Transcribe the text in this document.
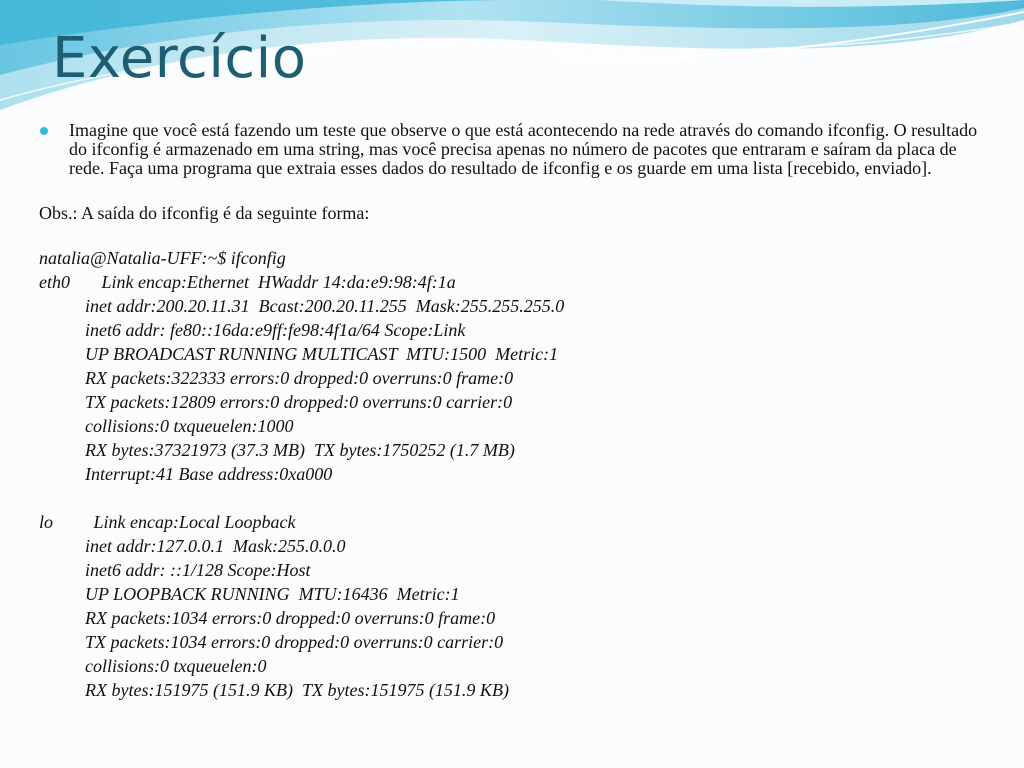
Exercício
Imagine que você está fazendo um teste que observe o que está acontecendo na rede através do comando ifconfig. O resultado do ifconfig é armazenado em uma string, mas você precisa apenas no número de pacotes que entraram e saíram da placa de rede. Faça uma programa que extraia esses dados do resultado de ifconfig e os guarde em uma lista [recebido, enviado].
Obs.: A saída do ifconfig é da seguinte forma:
natalia@Natalia-UFF:~$ ifconfig
eth0       Link encap:Ethernet  HWaddr 14:da:e9:98:4f:1a
inet addr:200.20.11.31  Bcast:200.20.11.255  Mask:255.255.255.0
inet6 addr: fe80::16da:e9ff:fe98:4f1a/64 Scope:Link
UP BROADCAST RUNNING MULTICAST  MTU:1500  Metric:1
RX packets:322333 errors:0 dropped:0 overruns:0 frame:0
TX packets:12809 errors:0 dropped:0 overruns:0 carrier:0
collisions:0 txqueuelen:1000
RX bytes:37321973 (37.3 MB)  TX bytes:1750252 (1.7 MB)
Interrupt:41 Base address:0xa000
lo         Link encap:Local Loopback
inet addr:127.0.0.1  Mask:255.0.0.0
inet6 addr: ::1/128 Scope:Host
UP LOOPBACK RUNNING  MTU:16436  Metric:1
RX packets:1034 errors:0 dropped:0 overruns:0 frame:0
TX packets:1034 errors:0 dropped:0 overruns:0 carrier:0
collisions:0 txqueuelen:0
RX bytes:151975 (151.9 KB)  TX bytes:151975 (151.9 KB)
